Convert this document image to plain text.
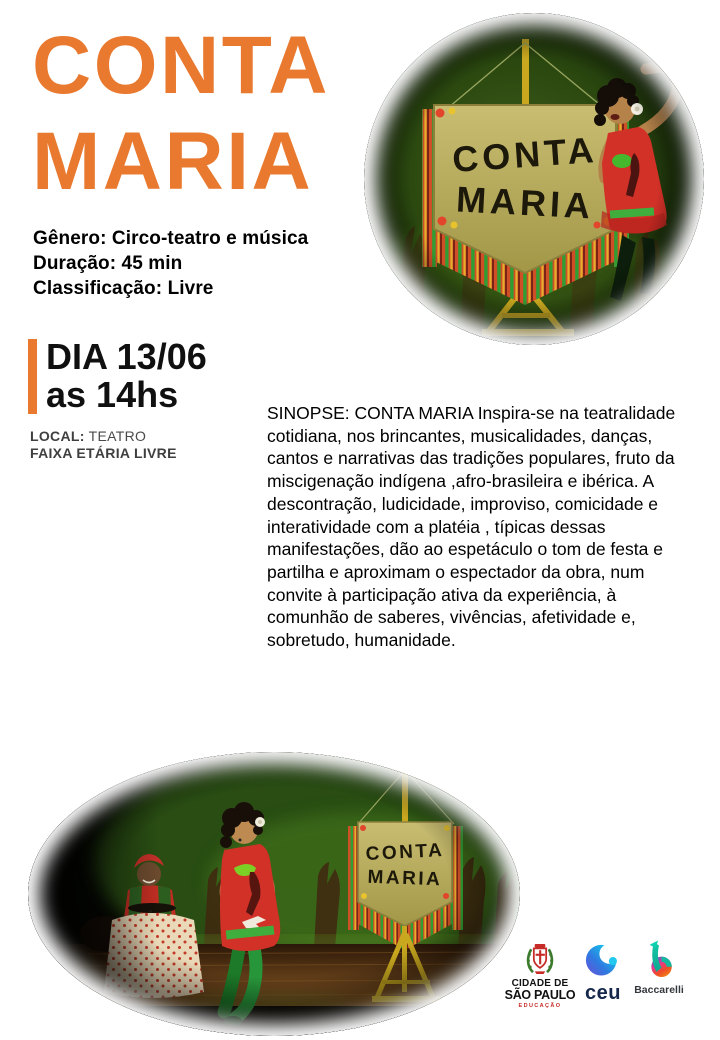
CONTA
MARIA
Gênero: Circo-teatro e música
Duração: 45 min
Classificação: Livre
DIA 13/06
as 14hs
LOCAL: TEATRO
FAIXA ETÁRIA LIVRE

SINOPSE: CONTA MARIA Inspira-se na teatralidade cotidiana, nos brincantes, musicalidades, danças, cantos e narrativas das tradições populares, fruto da miscigenação indígena ,afro-brasileira e ibérica. A descontração, ludicidade, improviso, comicidade e interatividade com a platéia , típicas dessas manifestações, dão ao espetáculo o tom de festa e partilha e aproximam o espectador da obra, num convite à participação ativa da experiência, à comunhão de saberes, vivências, afetividade e, sobretudo, humanidade.

CIDADE DE
SÃO PAULO
EDUCAÇÃO
ceu	Baccarelli
